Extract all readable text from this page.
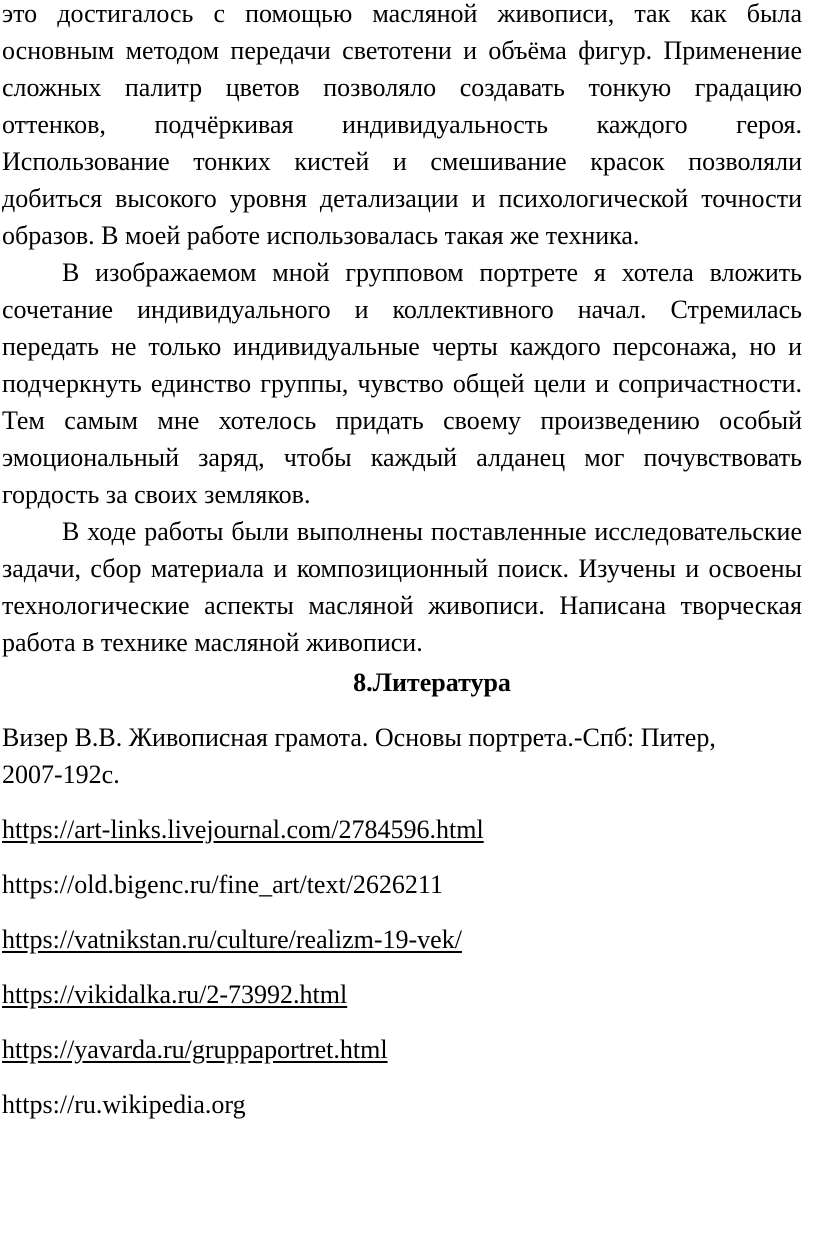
это достигалось с помощью масляной живописи, так как была основным методом передачи светотени и объёма фигур. Применение сложных палитр цветов позволяло создавать тонкую градацию оттенков, подчёркивая индивидуальность каждого героя. Использование тонких кистей и смешивание красок позволяли добиться высокого уровня детализации и психологической точности образов. В моей работе использовалась такая же техника.

В изображаемом мной групповом портрете я хотела вложить сочетание индивидуального и коллективного начал. Стремилась передать не только индивидуальные черты каждого персонажа, но и подчеркнуть единство группы, чувство общей цели и сопричастности. Тем самым мне хотелось придать своему произведению особый эмоциональный заряд, чтобы каждый алданец мог почувствовать гордость за своих земляков.

В ходе работы были выполнены поставленные исследовательские задачи, сбор материала и композиционный поиск. Изучены и освоены технологические аспекты масляной живописи. Написана творческая работа в технике масляной живописи.

8.Литература

Визер В.В. Живописная грамота. Основы портрета.-Спб: Питер, 2007-192с.

https://art-links.livejournal.com/2784596.html

https://old.bigenc.ru/fine_art/text/2626211

https://vatnikstan.ru/culture/realizm-19-vek/

https://vikidalka.ru/2-73992.html

https://yavarda.ru/gruppaportret.html

https://ru.wikipedia.org
